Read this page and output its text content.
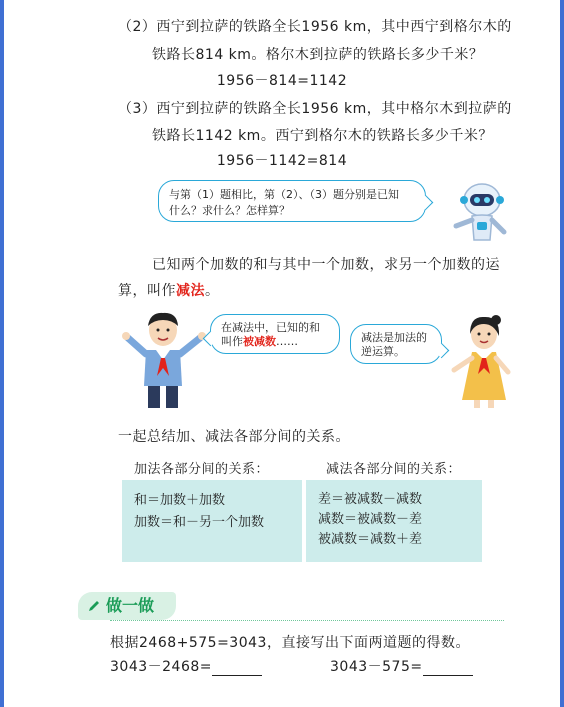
（2）西宁到拉萨的铁路全长1956 km，其中西宁到格尔木的
铁路长814 km。格尔木到拉萨的铁路长多少千米？
1956－814=1142
（3）西宁到拉萨的铁路全长1956 km，其中格尔木到拉萨的
铁路长1142 km。西宁到格尔木的铁路长多少千米？
1956－1142=814
与第（1）题相比，第（2）、（3）题分别是已知
什么？求什么？怎样算？
已知两个加数的和与其中一个加数，求另一个加数的运
算，叫作减法。
在减法中，已知的和
叫作被减数……	减法是加法的
逆运算。
一起总结加、减法各部分间的关系。
加法各部分间的关系：	减法各部分间的关系：
和＝加数＋加数
加数＝和－另一个加数
差＝被减数－减数
减数＝被减数－差
被减数＝减数＋差
做一做
根据2468+575=3043，直接写出下面两道题的得数。
3043－2468=	3043－575=
